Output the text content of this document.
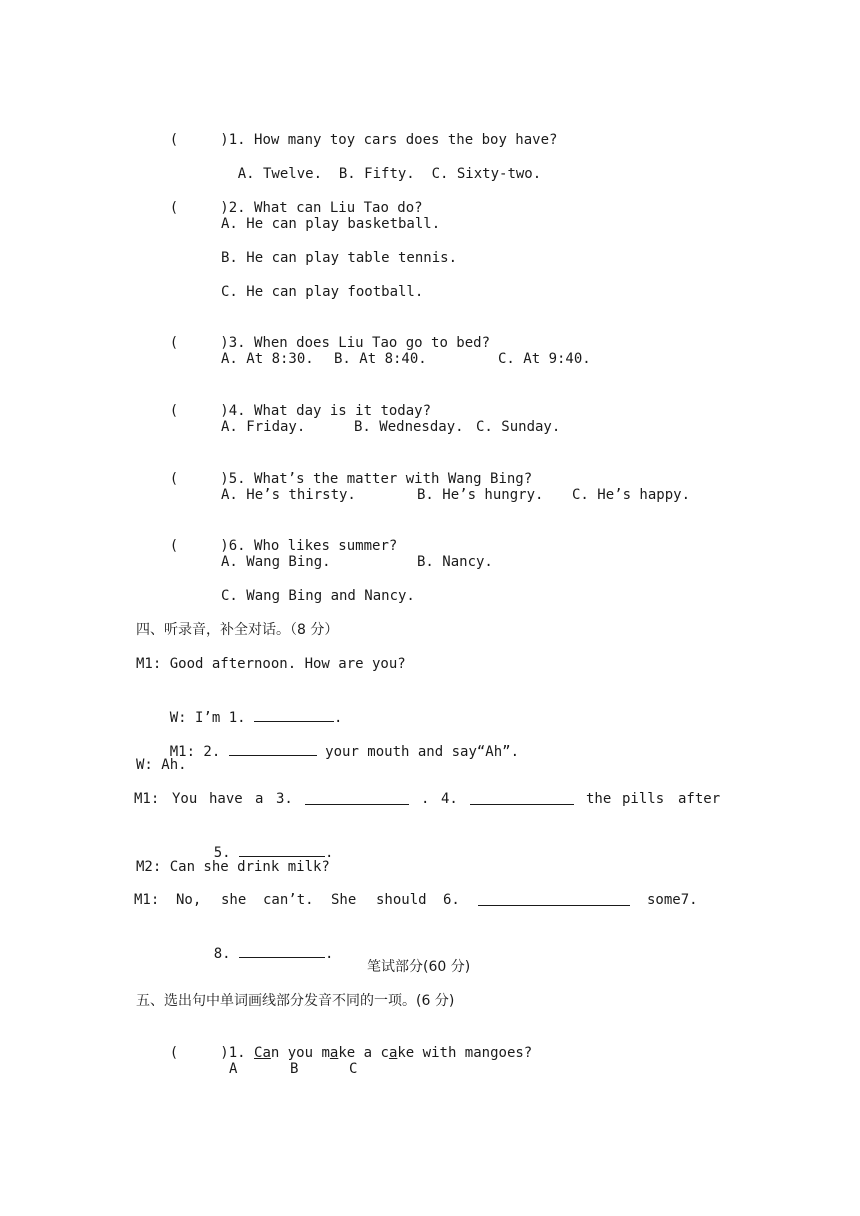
(     )1. How many toy cars does the boy have?

A. Twelve. B. Fifty. C. Sixty-two.

(     )2. What can Liu Tao do?

A. He can play basketball.
B. He can play table tennis.
C. He can play football.

(     )3. When does Liu Tao go to bed?

A. At 8:30. B. At 8:40.	C. At 9:40.

(     )4. What day is it today?

A. Friday.	B. Wednesday. C. Sunday.

(     )5. What’s the matter with Wang Bing?

A. He’s thirsty.	B. He’s hungry. C. He’s happy.

(     )6. Who likes summer?

A. Wang Bing.	B. Nancy.
C. Wang Bing and Nancy.
四、听录音，补全对话。（8 分）
M1: Good afternoon. How are you?

W: I’m 1.	.

M1: 2.	your mouth and say“Ah”.

W: Ah.
M1: You have a 3.	. 4.	the pills after

5.	.

M2: Can she drink milk?
M1: No, she can’t. She should 6.	some7.

8.	.

笔试部分(60 分)
五、选出句中单词画线部分发音不同的一项。(6 分)

(     )1. Can you make a cake with mangoes?

A	B	C
